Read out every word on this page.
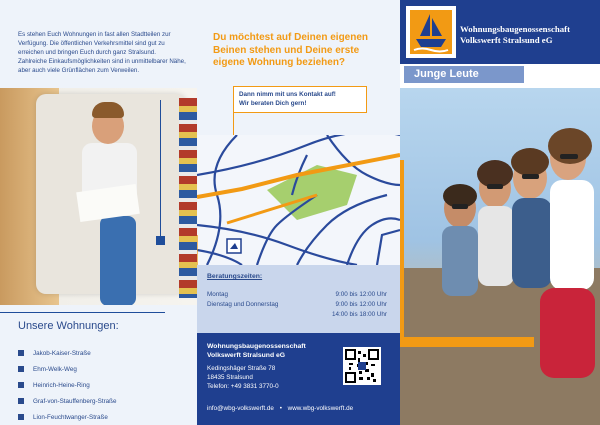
Es stehen Euch Wohnungen in fast allen Stadtteilen zur Verfügung. Die öffentlichen Verkehrsmittel sind gut zu erreichen und bringen Euch durch ganz Stralsund. Zahlreiche Einkaufsmöglichkeiten sind in unmittelbarer Nähe, aber auch viele Grünflächen zum Verweilen.
Unsere Wohnungen:
Jakob-Kaiser-Straße
Ehm-Welk-Weg
Heinrich-Heine-Ring
Graf-von-Stauffenberg-Straße
Lion-Feuchtwanger-Straße
Du möchtest auf Deinen eigenen Beinen stehen und Deine erste eigene Wohnung beziehen?
Dann nimm mit uns Kontakt auf!
Wir beraten Dich gern!
Beratungszeiten:
Montag	9:00 bis 12:00 Uhr
Dienstag und Donnerstag	9:00 bis 12:00 Uhr
14:00 bis 18:00 Uhr
Wohnungsbaugenossenschaft
Volkswerft Stralsund eG
Kedingshäger Straße 78
18435 Stralsund
Telefon: +49 3831 3770-0
info@wbg-volkswerft.de • www.wbg-volkswerft.de
Wohnungsbaugenossenschaft
Volkswerft Stralsund eG
Junge Leute
